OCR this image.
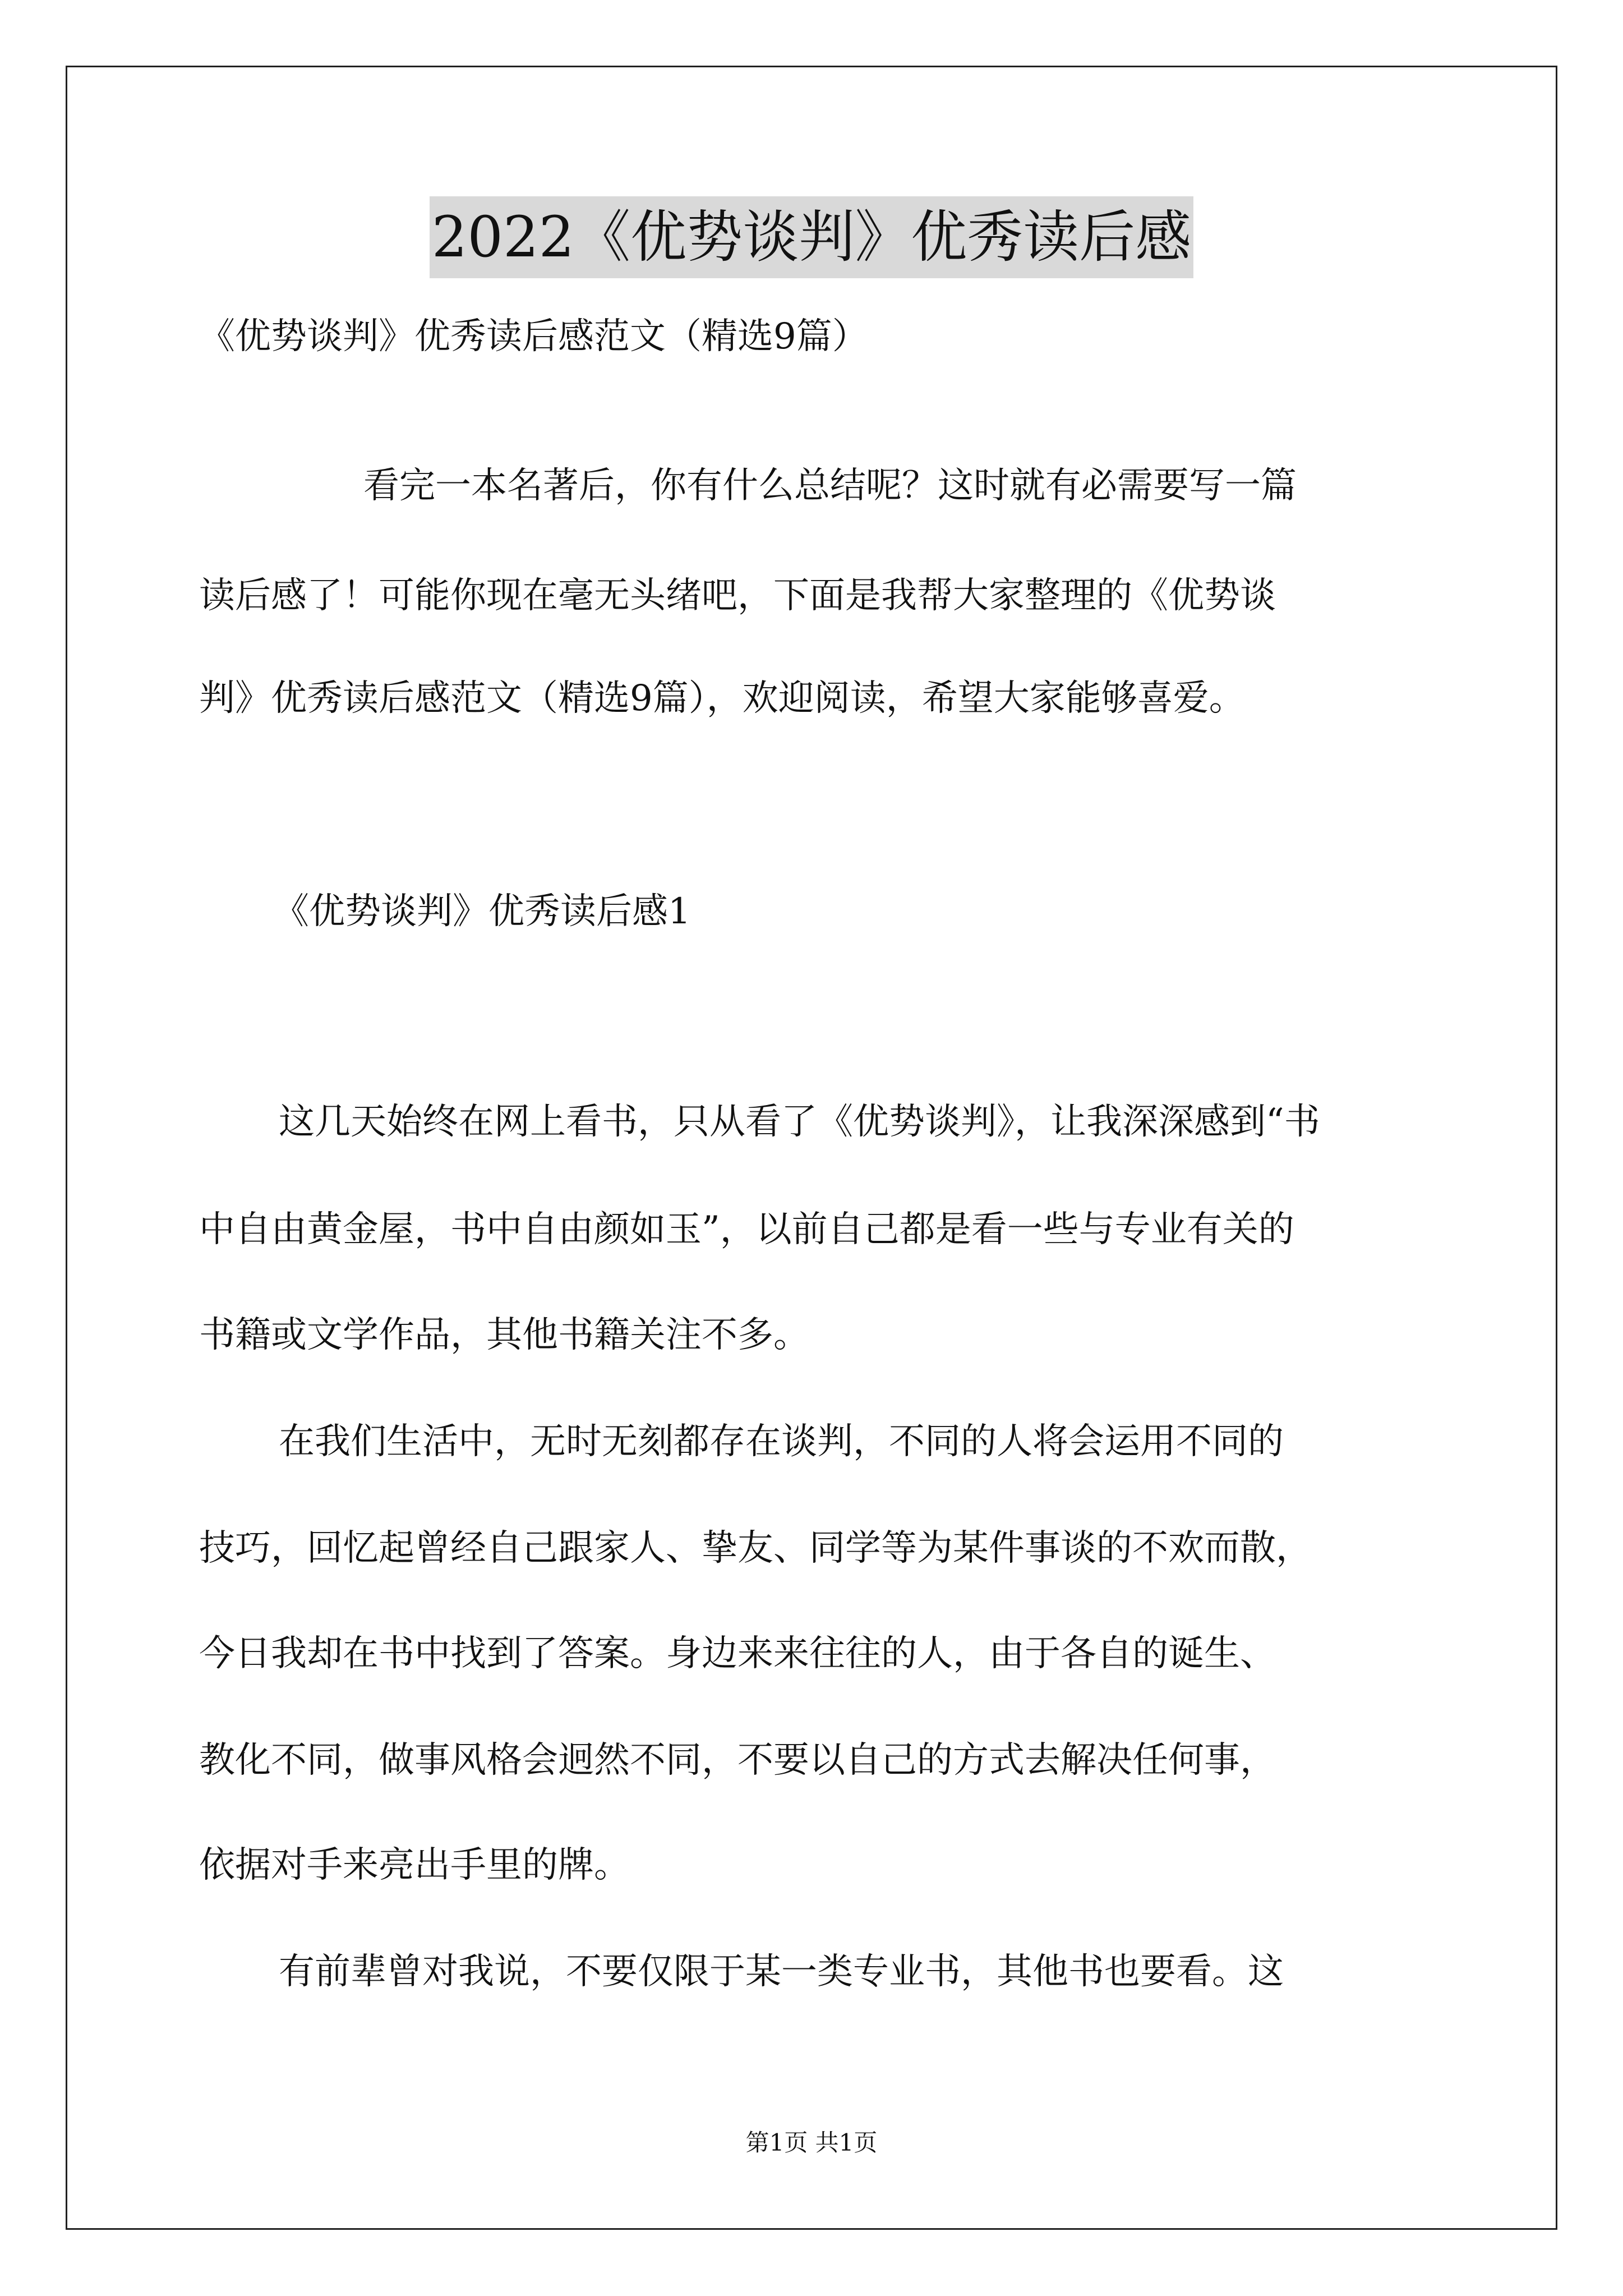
2022《优势谈判》优秀读后感
《优势谈判》优秀读后感范文（精选9篇）
看完一本名著后，你有什么总结呢？这时就有必需要写一篇
读后感了！可能你现在毫无头绪吧，下面是我帮大家整理的《优势谈
判》优秀读后感范文（精选9篇），欢迎阅读，希望大家能够喜爱。
《优势谈判》优秀读后感1
这几天始终在网上看书，只从看了《优势谈判》，让我深深感到“书
中自由黄金屋，书中自由颜如玉”，以前自己都是看一些与专业有关的
书籍或文学作品，其他书籍关注不多。
在我们生活中，无时无刻都存在谈判，不同的人将会运用不同的
技巧，回忆起曾经自己跟家人、挚友、同学等为某件事谈的不欢而散，
今日我却在书中找到了答案。身边来来往往的人，由于各自的诞生、
教化不同，做事风格会迥然不同，不要以自己的方式去解决任何事，
依据对手来亮出手里的牌。
有前辈曾对我说，不要仅限于某一类专业书，其他书也要看。这
第1页 共1页
